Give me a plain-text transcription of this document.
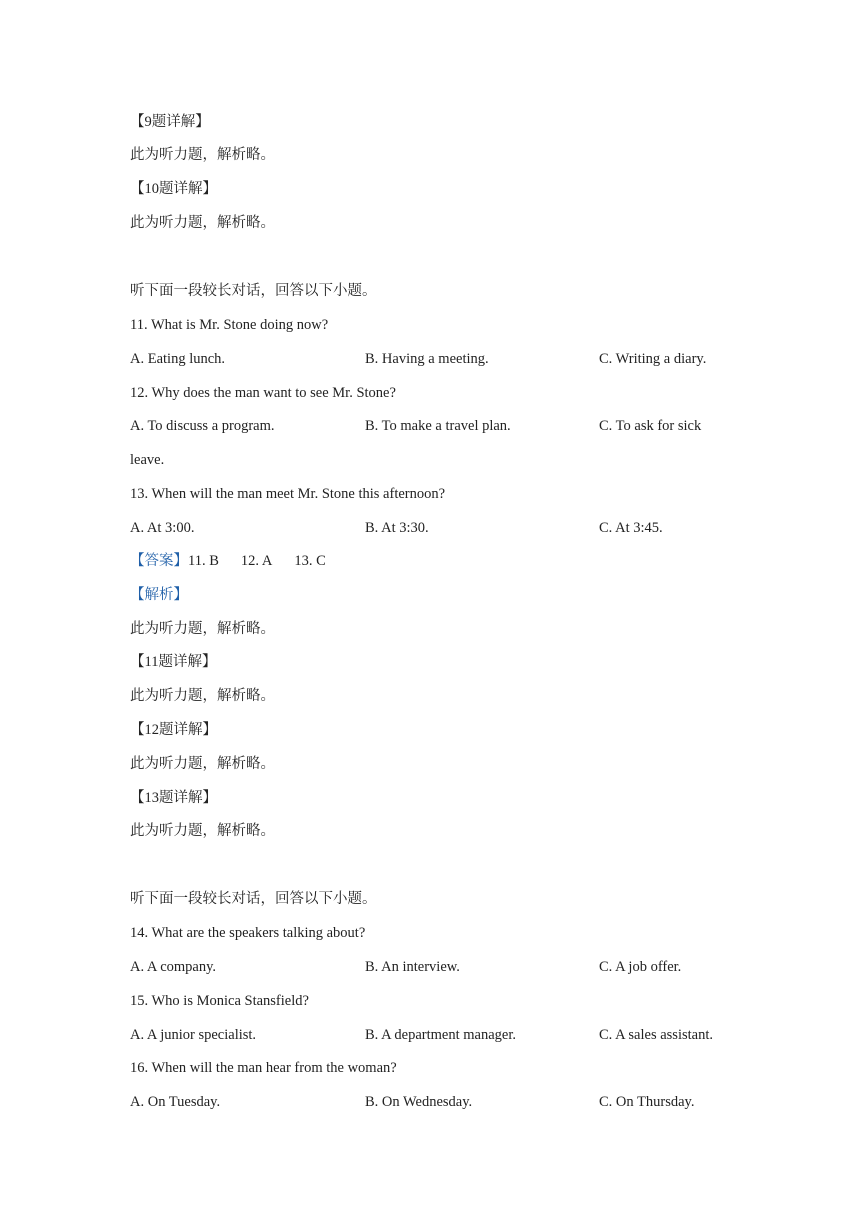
【9题详解】
此为听力题，解析略。
【10题详解】
此为听力题，解析略。
听下面一段较长对话，回答以下小题。
11. What is Mr. Stone doing now?
A. Eating lunch.	B. Having a meeting.	C. Writing a diary.
12. Why does the man want to see Mr. Stone?
A. To discuss a program.	B. To make a travel plan.	C. To ask for sick
leave.
13. When will the man meet Mr. Stone this afternoon?
A. At 3:00.	B. At 3:30.	C. At 3:45.
【答案】11. B 12. A 13. C
【解析】
此为听力题，解析略。
【11题详解】
此为听力题，解析略。
【12题详解】
此为听力题，解析略。
【13题详解】
此为听力题，解析略。
听下面一段较长对话，回答以下小题。
14. What are the speakers talking about?
A. A company.	B. An interview.	C. A job offer.
15. Who is Monica Stansfield?
A. A junior specialist.	B. A department manager.	C. A sales assistant.
16. When will the man hear from the woman?
A. On Tuesday.	B. On Wednesday.	C. On Thursday.
